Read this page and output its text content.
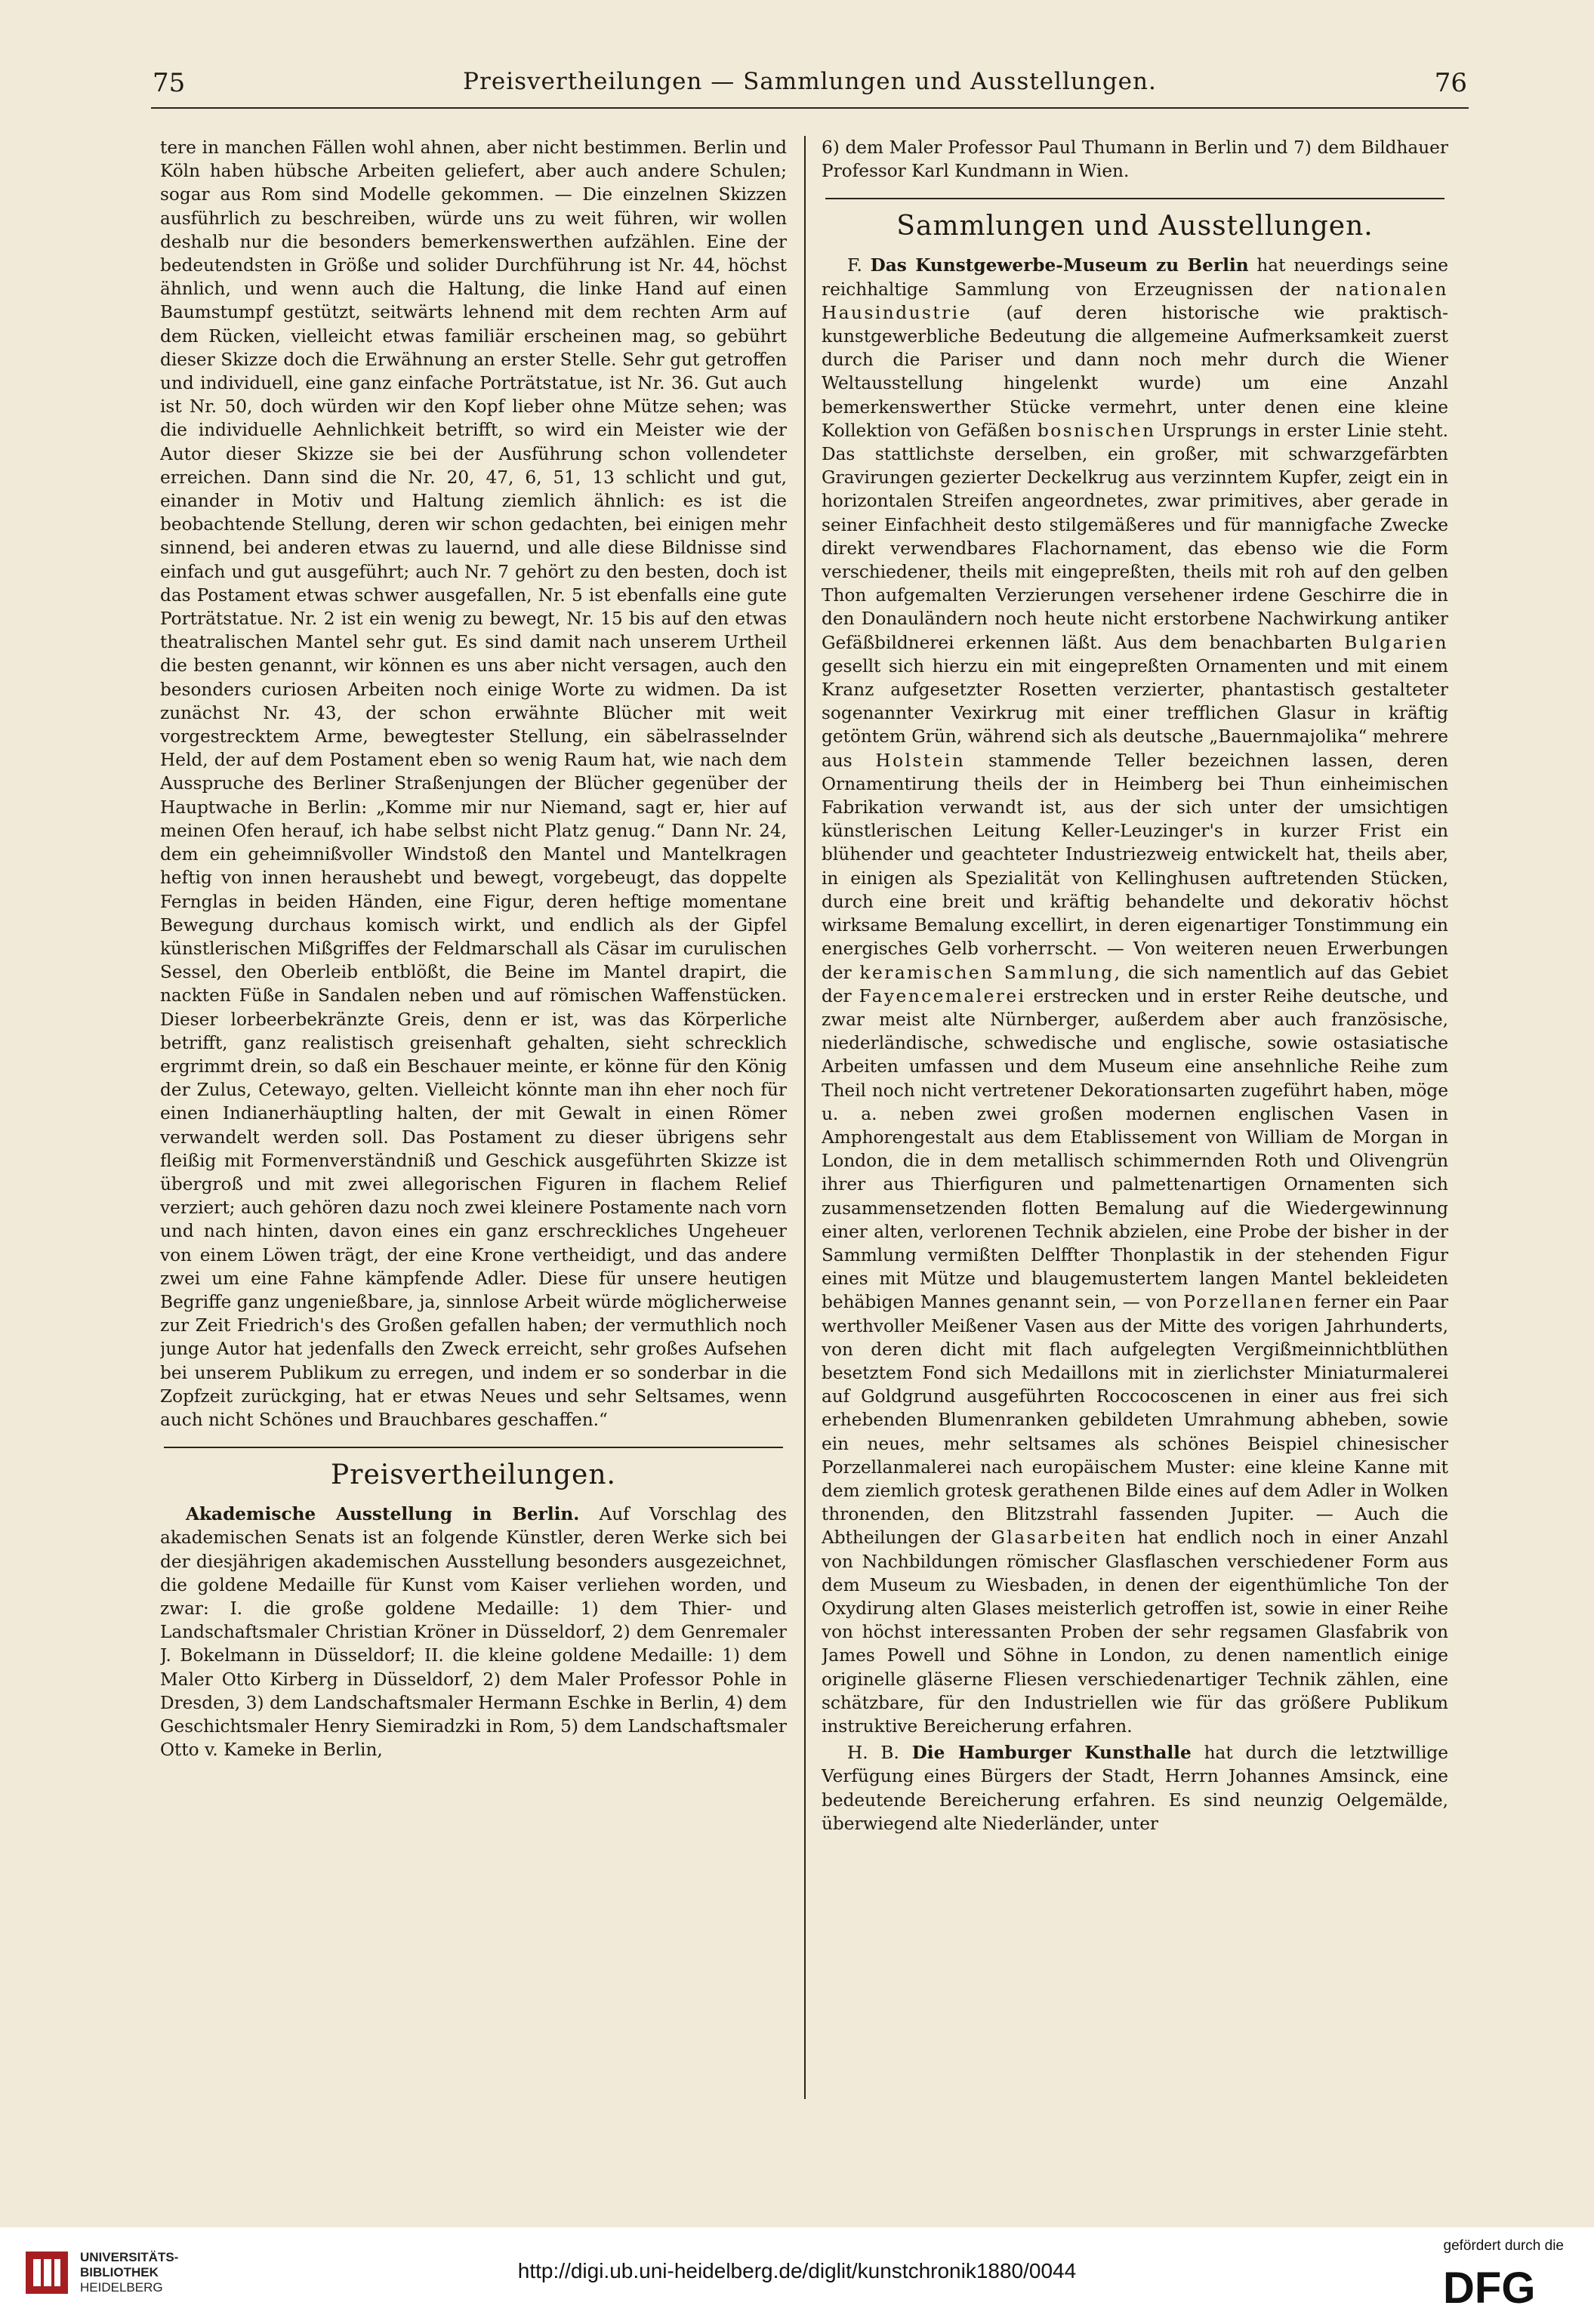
75	Preisvertheilungen — Sammlungen und Ausstellungen.	76

tere in manchen Fällen wohl ahnen, aber nicht bestimmen. Berlin und Köln haben hübsche Arbeiten geliefert, aber auch andere Schulen; sogar aus Rom sind Modelle gekommen. — Die einzelnen Skizzen ausführlich zu beschreiben, würde uns zu weit führen, wir wollen deshalb nur die besonders bemerkenswerthen aufzählen. Eine der bedeutendsten in Größe und solider Durchführung ist Nr. 44, höchst ähnlich, und wenn auch die Haltung, die linke Hand auf einen Baumstumpf gestützt, seitwärts lehnend mit dem rechten Arm auf dem Rücken, vielleicht etwas familiär erscheinen mag, so gebührt dieser Skizze doch die Erwähnung an erster Stelle. Sehr gut getroffen und individuell, eine ganz einfache Porträtstatue, ist Nr. 36. Gut auch ist Nr. 50, doch würden wir den Kopf lieber ohne Mütze sehen; was die individuelle Aehnlichkeit betrifft, so wird ein Meister wie der Autor dieser Skizze sie bei der Ausführung schon vollendeter erreichen. Dann sind die Nr. 20, 47, 6, 51, 13 schlicht und gut, einander in Motiv und Haltung ziemlich ähnlich: es ist die beobachtende Stellung, deren wir schon gedachten, bei einigen mehr sinnend, bei anderen etwas zu lauernd, und alle diese Bildnisse sind einfach und gut ausgeführt; auch Nr. 7 gehört zu den besten, doch ist das Postament etwas schwer ausgefallen, Nr. 5 ist ebenfalls eine gute Porträtstatue. Nr. 2 ist ein wenig zu bewegt, Nr. 15 bis auf den etwas theatralischen Mantel sehr gut. Es sind damit nach unserem Urtheil die besten genannt, wir können es uns aber nicht versagen, auch den besonders curiosen Arbeiten noch einige Worte zu widmen. Da ist zunächst Nr. 43, der schon erwähnte Blücher mit weit vorgestrecktem Arme, bewegtester Stellung, ein säbelrasselnder Held, der auf dem Postament eben so wenig Raum hat, wie nach dem Ausspruche des Berliner Straßenjungen der Blücher gegenüber der Hauptwache in Berlin: „Komme mir nur Niemand, sagt er, hier auf meinen Ofen herauf, ich habe selbst nicht Platz genug.“ Dann Nr. 24, dem ein geheimnißvoller Windstoß den Mantel und Mantelkragen heftig von innen heraushebt und bewegt, vorgebeugt, das doppelte Fernglas in beiden Händen, eine Figur, deren heftige momentane Bewegung durchaus komisch wirkt, und endlich als der Gipfel künstlerischen Mißgriffes der Feldmarschall als Cäsar im curulischen Sessel, den Oberleib entblößt, die Beine im Mantel drapirt, die nackten Füße in Sandalen neben und auf römischen Waffenstücken. Dieser lorbeerbekränzte Greis, denn er ist, was das Körperliche betrifft, ganz realistisch greisenhaft gehalten, sieht schrecklich ergrimmt drein, so daß ein Beschauer meinte, er könne für den König der Zulus, Cetewayo, gelten. Vielleicht könnte man ihn eher noch für einen Indianerhäuptling halten, der mit Gewalt in einen Römer verwandelt werden soll. Das Postament zu dieser übrigens sehr fleißig mit Formenverständniß und Geschick ausgeführten Skizze ist übergroß und mit zwei allegorischen Figuren in flachem Relief verziert; auch gehören dazu noch zwei kleinere Postamente nach vorn und nach hinten, davon eines ein ganz erschreckliches Ungeheuer von einem Löwen trägt, der eine Krone vertheidigt, und das andere zwei um eine Fahne kämpfende Adler. Diese für unsere heutigen Begriffe ganz ungenießbare, ja, sinnlose Arbeit würde möglicherweise zur Zeit Friedrich's des Großen gefallen haben; der vermuthlich noch junge Autor hat jedenfalls den Zweck erreicht, sehr großes Aufsehen bei unserem Publikum zu erregen, und indem er so sonderbar in die Zopfzeit zurückging, hat er etwas Neues und sehr Seltsames, wenn auch nicht Schönes und Brauchbares geschaffen.“

Preisvertheilungen.

Akademische Ausstellung in Berlin. Auf Vorschlag des akademischen Senats ist an folgende Künstler, deren Werke sich bei der diesjährigen akademischen Ausstellung besonders ausgezeichnet, die goldene Medaille für Kunst vom Kaiser verliehen worden, und zwar: I. die große goldene Medaille: 1) dem Thier- und Landschaftsmaler Christian Kröner in Düsseldorf, 2) dem Genremaler J. Bokelmann in Düsseldorf; II. die kleine goldene Medaille: 1) dem Maler Otto Kirberg in Düsseldorf, 2) dem Maler Professor Pohle in Dresden, 3) dem Landschaftsmaler Hermann Eschke in Berlin, 4) dem Geschichtsmaler Henry Siemiradzki in Rom, 5) dem Landschaftsmaler Otto v. Kameke in Berlin,

6) dem Maler Professor Paul Thumann in Berlin und 7) dem Bildhauer Professor Karl Kundmann in Wien.

Sammlungen und Ausstellungen.

F. Das Kunstgewerbe-Museum zu Berlin hat neuerdings seine reichhaltige Sammlung von Erzeugnissen der nationalen Hausindustrie (auf deren historische wie praktisch-kunstgewerbliche Bedeutung die allgemeine Aufmerksamkeit zuerst durch die Pariser und dann noch mehr durch die Wiener Weltausstellung hingelenkt wurde) um eine Anzahl bemerkenswerther Stücke vermehrt, unter denen eine kleine Kollektion von Gefäßen bosnischen Ursprungs in erster Linie steht. Das stattlichste derselben, ein großer, mit schwarzgefärbten Gravirungen gezierter Deckelkrug aus verzinntem Kupfer, zeigt ein in horizontalen Streifen angeordnetes, zwar primitives, aber gerade in seiner Einfachheit desto stilgemäßeres und für mannigfache Zwecke direkt verwendbares Flachornament, das ebenso wie die Form verschiedener, theils mit eingepreßten, theils mit roh auf den gelben Thon aufgemalten Verzierungen versehener irdene Geschirre die in den Donauländern noch heute nicht erstorbene Nachwirkung antiker Gefäßbildnerei erkennen läßt. Aus dem benachbarten Bulgarien gesellt sich hierzu ein mit eingepreßten Ornamenten und mit einem Kranz aufgesetzter Rosetten verzierter, phantastisch gestalteter sogenannter Vexirkrug mit einer trefflichen Glasur in kräftig getöntem Grün, während sich als deutsche „Bauernmajolika“ mehrere aus Holstein stammende Teller bezeichnen lassen, deren Ornamentirung theils der in Heimberg bei Thun einheimischen Fabrikation verwandt ist, aus der sich unter der umsichtigen künstlerischen Leitung Keller-Leuzinger's in kurzer Frist ein blühender und geachteter Industriezweig entwickelt hat, theils aber, in einigen als Spezialität von Kellinghusen auftretenden Stücken, durch eine breit und kräftig behandelte und dekorativ höchst wirksame Bemalung excellirt, in deren eigenartiger Tonstimmung ein energisches Gelb vorherrscht. — Von weiteren neuen Erwerbungen der keramischen Sammlung, die sich namentlich auf das Gebiet der Fayencemalerei erstrecken und in erster Reihe deutsche, und zwar meist alte Nürnberger, außerdem aber auch französische, niederländische, schwedische und englische, sowie ostasiatische Arbeiten umfassen und dem Museum eine ansehnliche Reihe zum Theil noch nicht vertretener Dekorationsarten zugeführt haben, möge u. a. neben zwei großen modernen englischen Vasen in Amphorengestalt aus dem Etablissement von William de Morgan in London, die in dem metallisch schimmernden Roth und Olivengrün ihrer aus Thierfiguren und palmettenartigen Ornamenten sich zusammensetzenden flotten Bemalung auf die Wiedergewinnung einer alten, verlorenen Technik abzielen, eine Probe der bisher in der Sammlung vermißten Delffter Thonplastik in der stehenden Figur eines mit Mütze und blaugemustertem langen Mantel bekleideten behäbigen Mannes genannt sein, — von Porzellanen ferner ein Paar werthvoller Meißener Vasen aus der Mitte des vorigen Jahrhunderts, von deren dicht mit flach aufgelegten Vergißmeinnichtblüthen besetztem Fond sich Medaillons mit in zierlichster Miniaturmalerei auf Goldgrund ausgeführten Roccocoscenen in einer aus frei sich erhebenden Blumenranken gebildeten Umrahmung abheben, sowie ein neues, mehr seltsames als schönes Beispiel chinesischer Porzellanmalerei nach europäischem Muster: eine kleine Kanne mit dem ziemlich grotesk gerathenen Bilde eines auf dem Adler in Wolken thronenden, den Blitzstrahl fassenden Jupiter. — Auch die Abtheilungen der Glasarbeiten hat endlich noch in einer Anzahl von Nachbildungen römischer Glasflaschen verschiedener Form aus dem Museum zu Wiesbaden, in denen der eigenthümliche Ton der Oxydirung alten Glases meisterlich getroffen ist, sowie in einer Reihe von höchst interessanten Proben der sehr regsamen Glasfabrik von James Powell und Söhne in London, zu denen namentlich einige originelle gläserne Fliesen verschiedenartiger Technik zählen, eine schätzbare, für den Industriellen wie für das größere Publikum instruktive Bereicherung erfahren.

H. B. Die Hamburger Kunsthalle hat durch die letztwillige Verfügung eines Bürgers der Stadt, Herrn Johannes Amsinck, eine bedeutende Bereicherung erfahren. Es sind neunzig Oelgemälde, überwiegend alte Niederländer, unter

UNIVERSITÄTS-
BIBLIOTHEK
HEIDELBERG
http://digi.ub.uni-heidelberg.de/diglit/kunstchronik1880/0044
gefördert durch die
DFG
